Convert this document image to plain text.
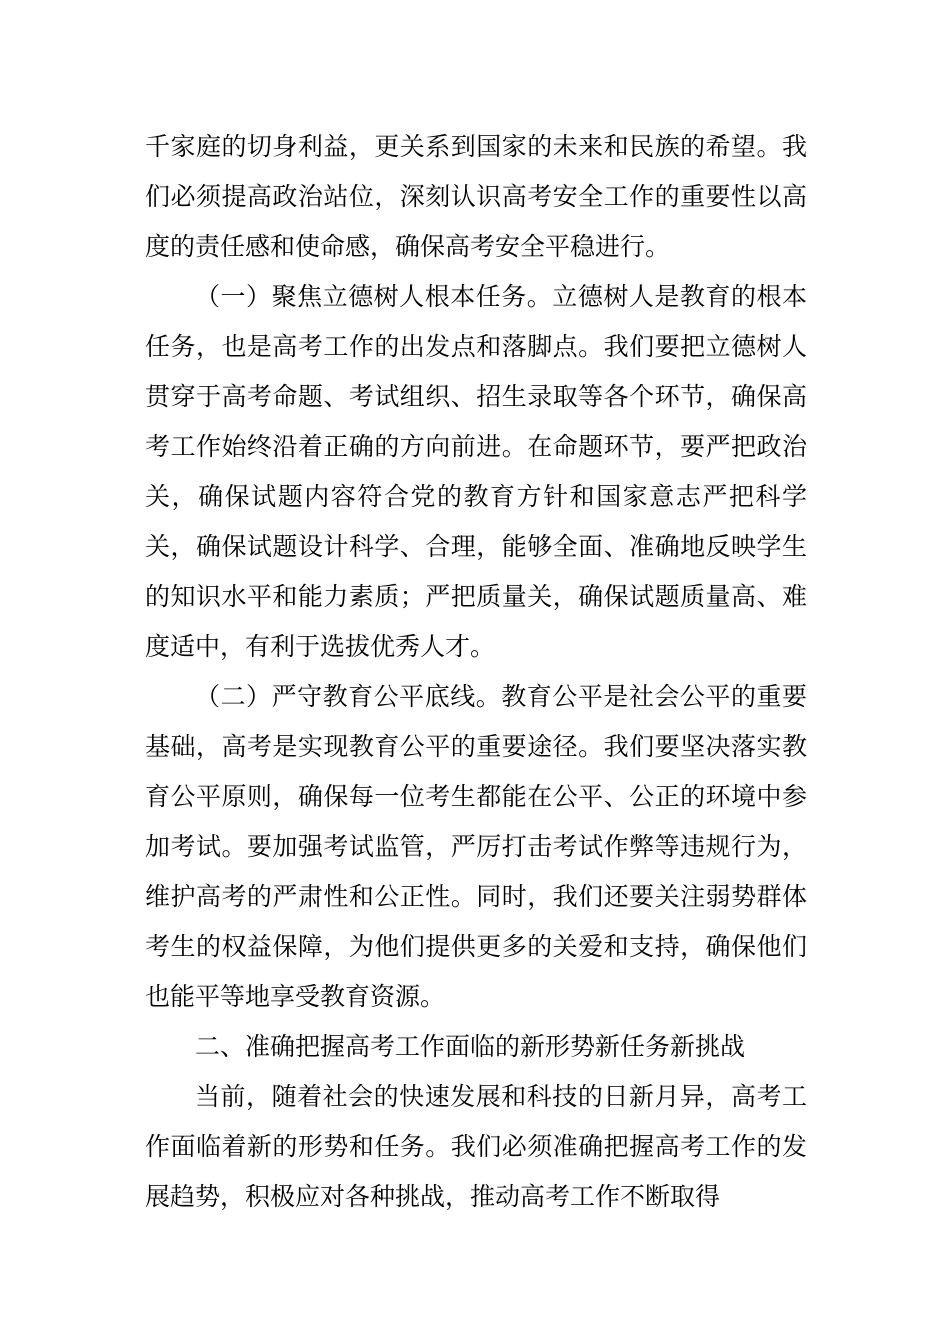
千家庭的切身利益，更关系到国家的未来和民族的希望。我们必须提高政治站位，深刻认识高考安全工作的重要性以高度的责任感和使命感，确保高考安全平稳进行。

（一）聚焦立德树人根本任务。立德树人是教育的根本任务，也是高考工作的出发点和落脚点。我们要把立德树人贯穿于高考命题、考试组织、招生录取等各个环节，确保高考工作始终沿着正确的方向前进。在命题环节，要严把政治关，确保试题内容符合党的教育方针和国家意志严把科学关，确保试题设计科学、合理，能够全面、准确地反映学生的知识水平和能力素质；严把质量关，确保试题质量高、难度适中，有利于选拔优秀人才。

（二）严守教育公平底线。教育公平是社会公平的重要基础，高考是实现教育公平的重要途径。我们要坚决落实教育公平原则，确保每一位考生都能在公平、公正的环境中参加考试。要加强考试监管，严厉打击考试作弊等违规行为，维护高考的严肃性和公正性。同时，我们还要关注弱势群体考生的权益保障，为他们提供更多的关爱和支持，确保他们也能平等地享受教育资源。

二、准确把握高考工作面临的新形势新任务新挑战

当前，随着社会的快速发展和科技的日新月异，高考工作面临着新的形势和任务。我们必须准确把握高考工作的发展趋势，积极应对各种挑战，推动高考工作不断取得
